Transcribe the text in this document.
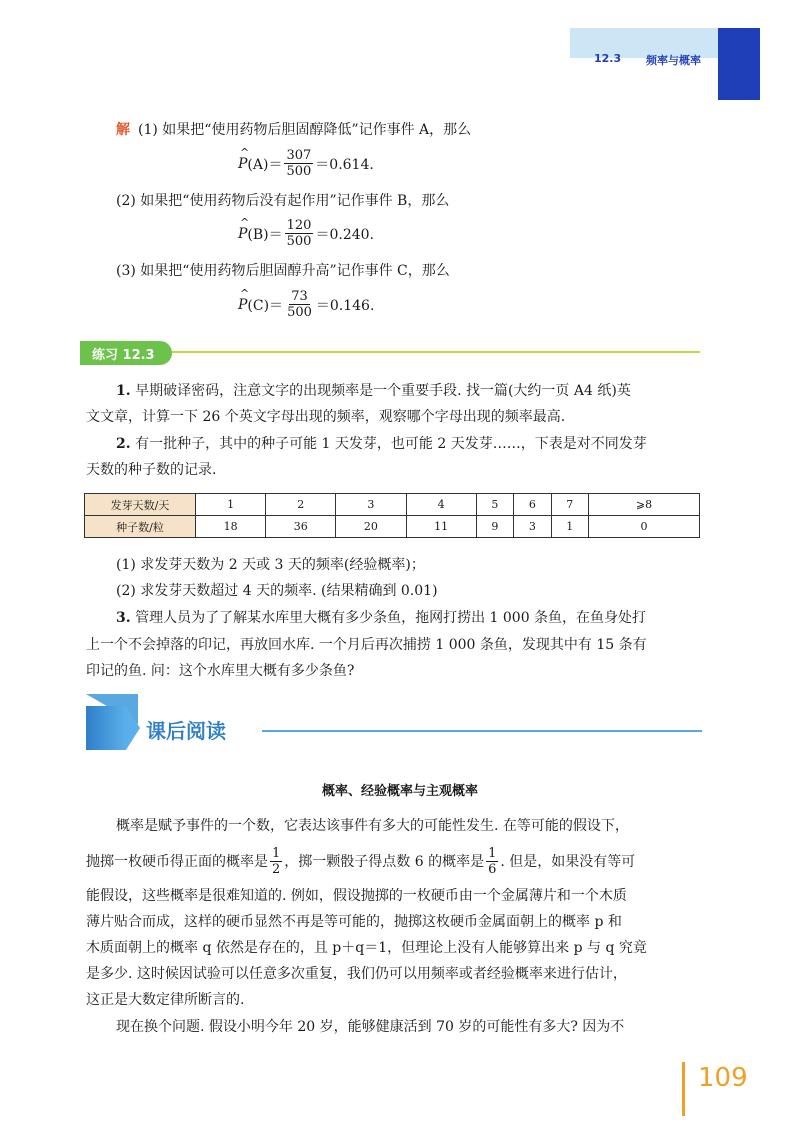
12.3 频率与概率
解 (1) 如果把“使用药物后胆固醇降低”记作事件 A，那么
^ P $(A)= \frac{307}{500} =0.614$.
(2) 如果把“使用药物后没有起作用”记作事件 B，那么
^ P $(B)= \frac{120}{500} =0.240$.
(3) 如果把“使用药物后胆固醇升高”记作事件 C，那么
^ P $(C)= \frac{73}{500} =0.146$.
练习 12.3
1. 早期破译密码，注意文字的出现频率是一个重要手段. 找一篇(大约一页 A4 纸)英
文文章，计算一下 26 个英文字母出现的频率，观察哪个字母出现的频率最高.
2. 有一批种子，其中的种子可能 1 天发芽，也可能 2 天发芽……，下表是对不同发芽
天数的种子数的记录.
发芽天数/天	1	2	3	4	5	6	7	⩾8
种子数/粒	18	36	20	11	9	3	1	0
(1) 求发芽天数为 2 天或 3 天的频率(经验概率)；
(2) 求发芽天数超过 4 天的频率. (结果精确到 0.01)
3. 管理人员为了了解某水库里大概有多少条鱼，拖网打捞出 1 000 条鱼，在鱼身处打
上一个不会掉落的印记，再放回水库. 一个月后再次捕捞 1 000 条鱼，发现其中有 15 条有
印记的鱼. 问：这个水库里大概有多少条鱼?
课后阅读
概率、经验概率与主观概率
概率是赋予事件的一个数，它表达该事件有多大的可能性发生. 在等可能的假设下，
抛掷一枚硬币得正面的概率是 $\frac{1}{2}$ ，掷一颗骰子得点数 6 的概率是 $\frac{1}{6}$ . 但是，如果没有等可
能假设，这些概率是很难知道的. 例如，假设抛掷的一枚硬币由一个金属薄片和一个木质
薄片贴合而成，这样的硬币显然不再是等可能的，抛掷这枚硬币金属面朝上的概率 p 和
木质面朝上的概率 q 依然是存在的，且 p＋q＝1，但理论上没有人能够算出来 p 与 q 究竟
是多少. 这时候因试验可以任意多次重复，我们仍可以用频率或者经验概率来进行估计，
这正是大数定律所断言的.
现在换个问题. 假设小明今年 20 岁，能够健康活到 70 岁的可能性有多大? 因为不
109
